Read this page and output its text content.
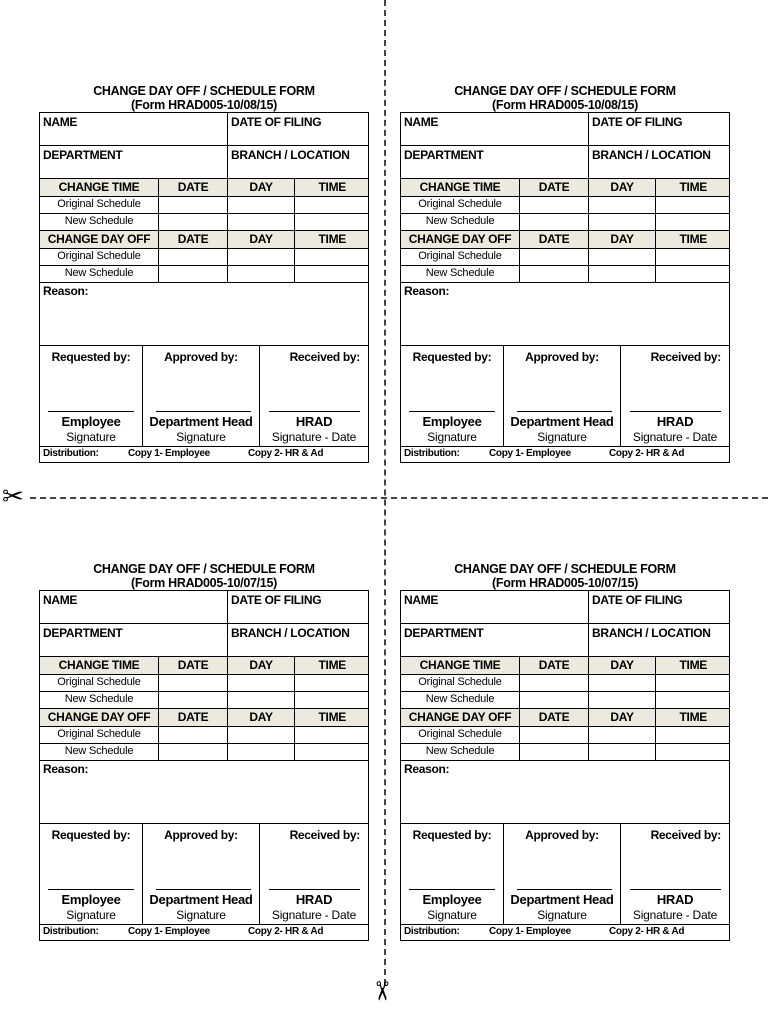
✂
✂
CHANGE DAY OFF / SCHEDULE FORM
(Form HRAD005-10/08/15)
NAME	DATE OF FILING
DEPARTMENT	BRANCH / LOCATION
CHANGE TIME	DATE	DAY	TIME
Original Schedule
New Schedule
CHANGE DAY OFF	DATE	DAY	TIME
Original Schedule
New Schedule
Reason:
Requested by:
Employee
Signature
Approved by:
Department Head
Signature
Received by:
HRAD
Signature - Date
Distribution:	Copy 1- Employee	Copy 2- HR & Ad
CHANGE DAY OFF / SCHEDULE FORM
(Form HRAD005-10/08/15)
NAME	DATE OF FILING
DEPARTMENT	BRANCH / LOCATION
CHANGE TIME	DATE	DAY	TIME
Original Schedule
New Schedule
CHANGE DAY OFF	DATE	DAY	TIME
Original Schedule
New Schedule
Reason:
Requested by:
Employee
Signature
Approved by:
Department Head
Signature
Received by:
HRAD
Signature - Date
Distribution:	Copy 1- Employee	Copy 2- HR & Ad
CHANGE DAY OFF / SCHEDULE FORM
(Form HRAD005-10/07/15)
NAME	DATE OF FILING
DEPARTMENT	BRANCH / LOCATION
CHANGE TIME	DATE	DAY	TIME
Original Schedule
New Schedule
CHANGE DAY OFF	DATE	DAY	TIME
Original Schedule
New Schedule
Reason:
Requested by:
Employee
Signature
Approved by:
Department Head
Signature
Received by:
HRAD
Signature - Date
Distribution:	Copy 1- Employee	Copy 2- HR & Ad
CHANGE DAY OFF / SCHEDULE FORM
(Form HRAD005-10/07/15)
NAME	DATE OF FILING
DEPARTMENT	BRANCH / LOCATION
CHANGE TIME	DATE	DAY	TIME
Original Schedule
New Schedule
CHANGE DAY OFF	DATE	DAY	TIME
Original Schedule
New Schedule
Reason:
Requested by:
Employee
Signature
Approved by:
Department Head
Signature
Received by:
HRAD
Signature - Date
Distribution:	Copy 1- Employee	Copy 2- HR & Ad
